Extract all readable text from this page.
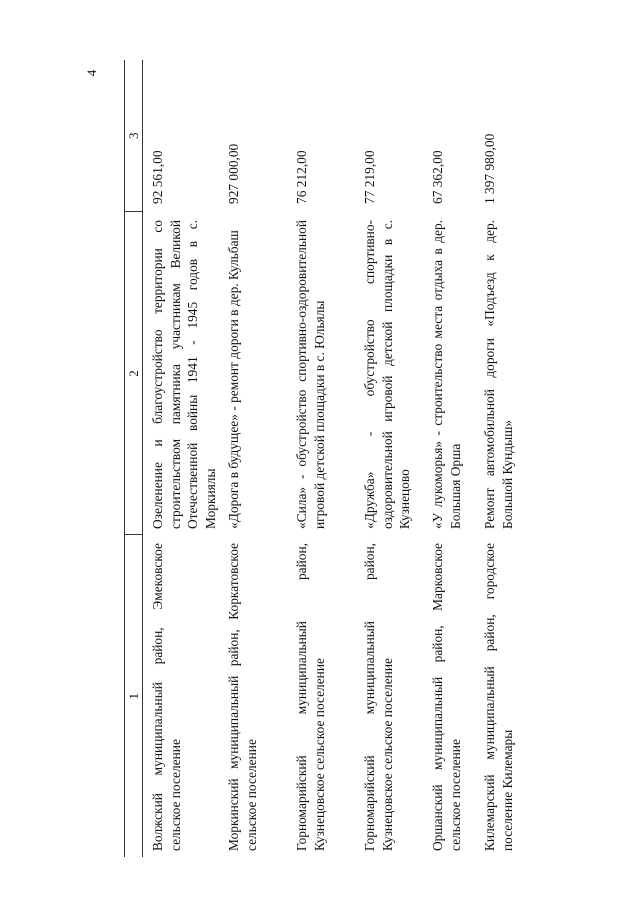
4
1	2	3
Волжский муниципальный район, Эмековское сельское поселение	Озеленение и благоустройство территории со строительством памятника участникам Великой Отечественной войны 1941 - 1945 годов в с. Моркиялы	92 561,00
Моркинский муниципальный район, Коркатовское сельское поселение	«Дорога в будущее» - ремонт дороги в дер. Кульбаш	927 000,00
Горномарийский муниципальный район, Кузнецовское сельское поселение	«Сила» - обустройство спортивно-оздоровительной игровой детской площадки в с. Юльялы	76 212,00
Горномарийский муниципальный район, Кузнецовское сельское поселение	«Дружба» - обустройство спортивно-оздоровительной игровой детской площадки в с. Кузнецово	77 219,00
Оршанский муниципальный район, Марковское сельское поселение	«У лукоморья» - строительство места отдыха в дер. Большая Орша	67 362,00
Килемарский муниципальный район, городское поселение Килемары	Ремонт автомобильной дороги «Подъезд к дер. Большой Кундыш»	1 397 980,00
